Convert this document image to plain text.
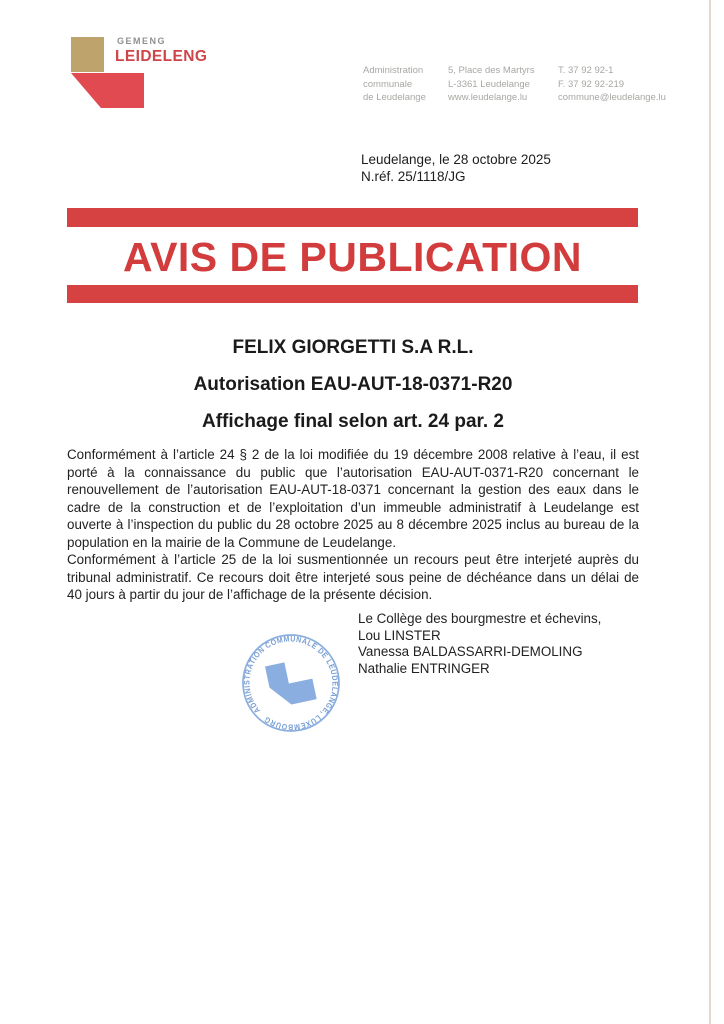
GEMENG
LEIDELENG
Administration
communale
de Leudelange
5, Place des Martyrs
L-3361 Leudelange
www.leudelange.lu
T. 37 92 92-1
F. 37 92 92-219
commune@leudelange.lu
Leudelange, le 28 octobre 2025
N.réf. 25/1118/JG
AVIS DE PUBLICATION
FELIX GIORGETTI S.A R.L.
Autorisation EAU-AUT-18-0371-R20
Affichage final selon art. 24 par. 2
Conformément à l’article 24 § 2 de la loi modifiée du 19 décembre 2008 relative à l’eau, il est porté à la connaissance du public que l’autorisation EAU-AUT-0371-R20 concernant le renouvellement de l’autorisation EAU-AUT-18-0371 concernant la gestion des eaux dans le cadre de la construction et de l’exploitation d’un immeuble administratif à Leudelange est ouverte à l’inspection du public du 28 octobre 2025 au 8 décembre 2025 inclus au bureau de la population en la mairie de la Commune de Leudelange.
Conformément à l’article 25 de la loi susmentionnée un recours peut être interjeté auprès du tribunal administratif. Ce recours doit être interjeté sous peine de déchéance dans un délai de 40 jours à partir du jour de l’affichage de la présente décision.
Le Collège des bourgmestre et échevins,
Lou LINSTER
Vanessa BALDASSARRI-DEMOLING
Nathalie ENTRINGER
ADMINISTRATION COMMUNALE DE LEUDELANGE, LUXEMBOURG
